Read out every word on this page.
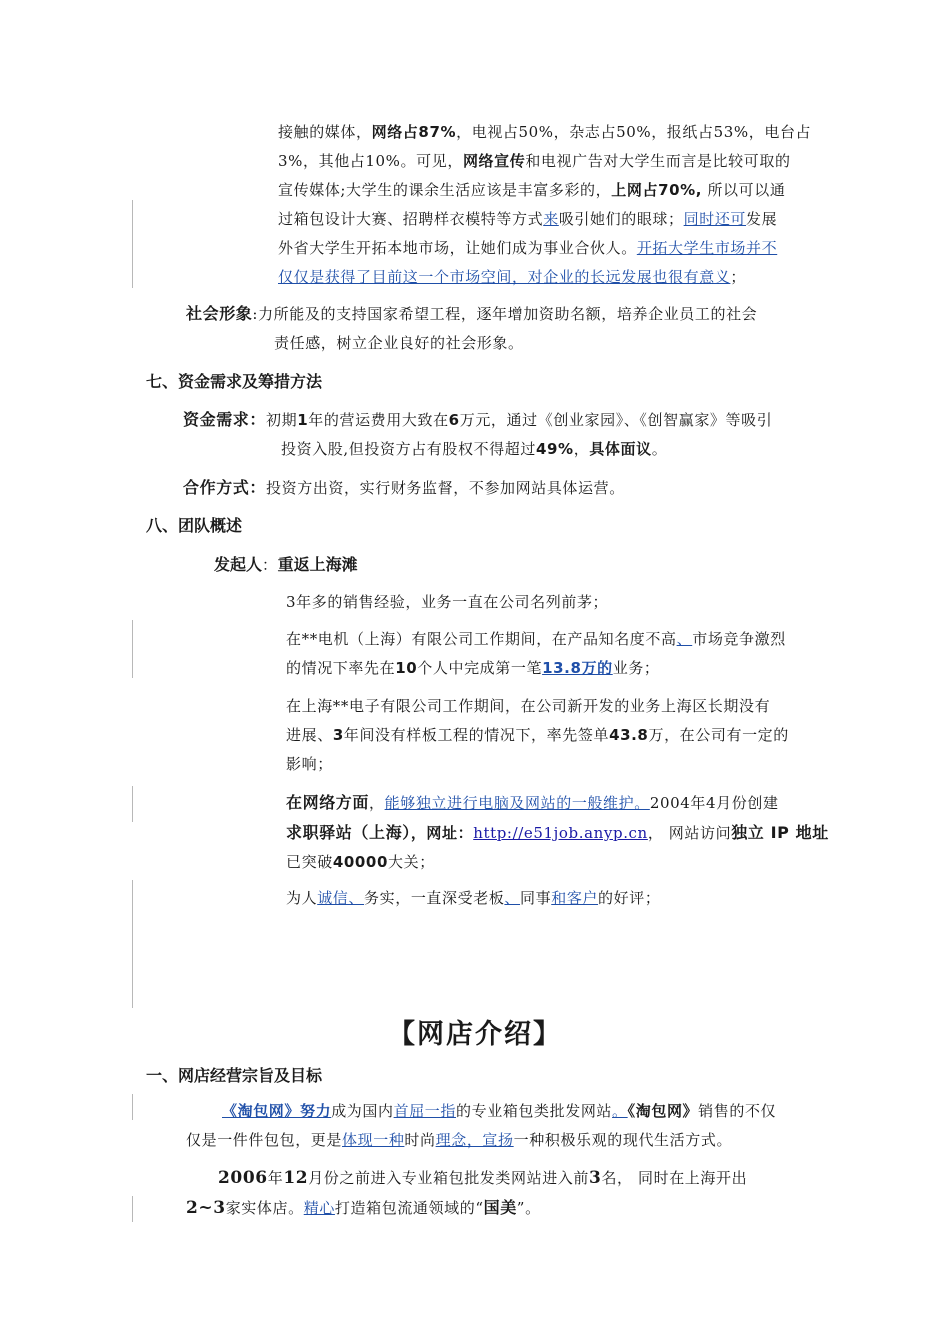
接触的媒体，网络占87%，电视占50%，杂志占50%，报纸占53%，电台占
3%，其他占10%。可见，网络宣传和电视广告对大学生而言是比较可取的
宣传媒体;大学生的课余生活应该是丰富多彩的，上网占70%, 所以可以通
过箱包设计大赛、招聘样衣模特等方式来吸引她们的眼球；同时还可发展
外省大学生开拓本地市场，让她们成为事业合伙人。开拓大学生市场并不
仅仅是获得了目前这一个市场空间，对企业的长远发展也很有意义；
社会形象:力所能及的支持国家希望工程，逐年增加资助名额，培养企业员工的社会
责任感，树立企业良好的社会形象。
七、资金需求及筹措方法
资金需求：初期1年的营运费用大致在6万元，通过《创业家园》、《创智赢家》等吸引
投资入股,但投资方占有股权不得超过49%，具体面议。
合作方式：投资方出资，实行财务监督，不参加网站具体运营。
八、团队概述
发起人：重返上海滩
3年多的销售经验，业务一直在公司名列前茅；
在**电机（上海）有限公司工作期间，在产品知名度不高、市场竞争激烈
的情况下率先在10个人中完成第一笔13.8万的业务；
在上海**电子有限公司工作期间，在公司新开发的业务上海区长期没有
进展、3年间没有样板工程的情况下，率先签单43.8万，在公司有一定的
影响；
在网络方面，能够独立进行电脑及网站的一般维护。2004年4月份创建
求职驿站（上海），网址：http://e51job.anyp.cn， 网站访问独立 IP 地址
已突破40000大关；
为人诚信、务实，一直深受老板、同事和客户的好评；
【网店介绍】
一、网店经营宗旨及目标
《淘包网》努力成为国内首屈一指的专业箱包类批发网站。《淘包网》销售的不仅
仅是一件件包包，更是体现一种时尚理念，宣扬一种积极乐观的现代生活方式。
2006年12月份之前进入专业箱包批发类网站进入前3名， 同时在上海开出
2~3家实体店。精心打造箱包流通领域的“国美”。
